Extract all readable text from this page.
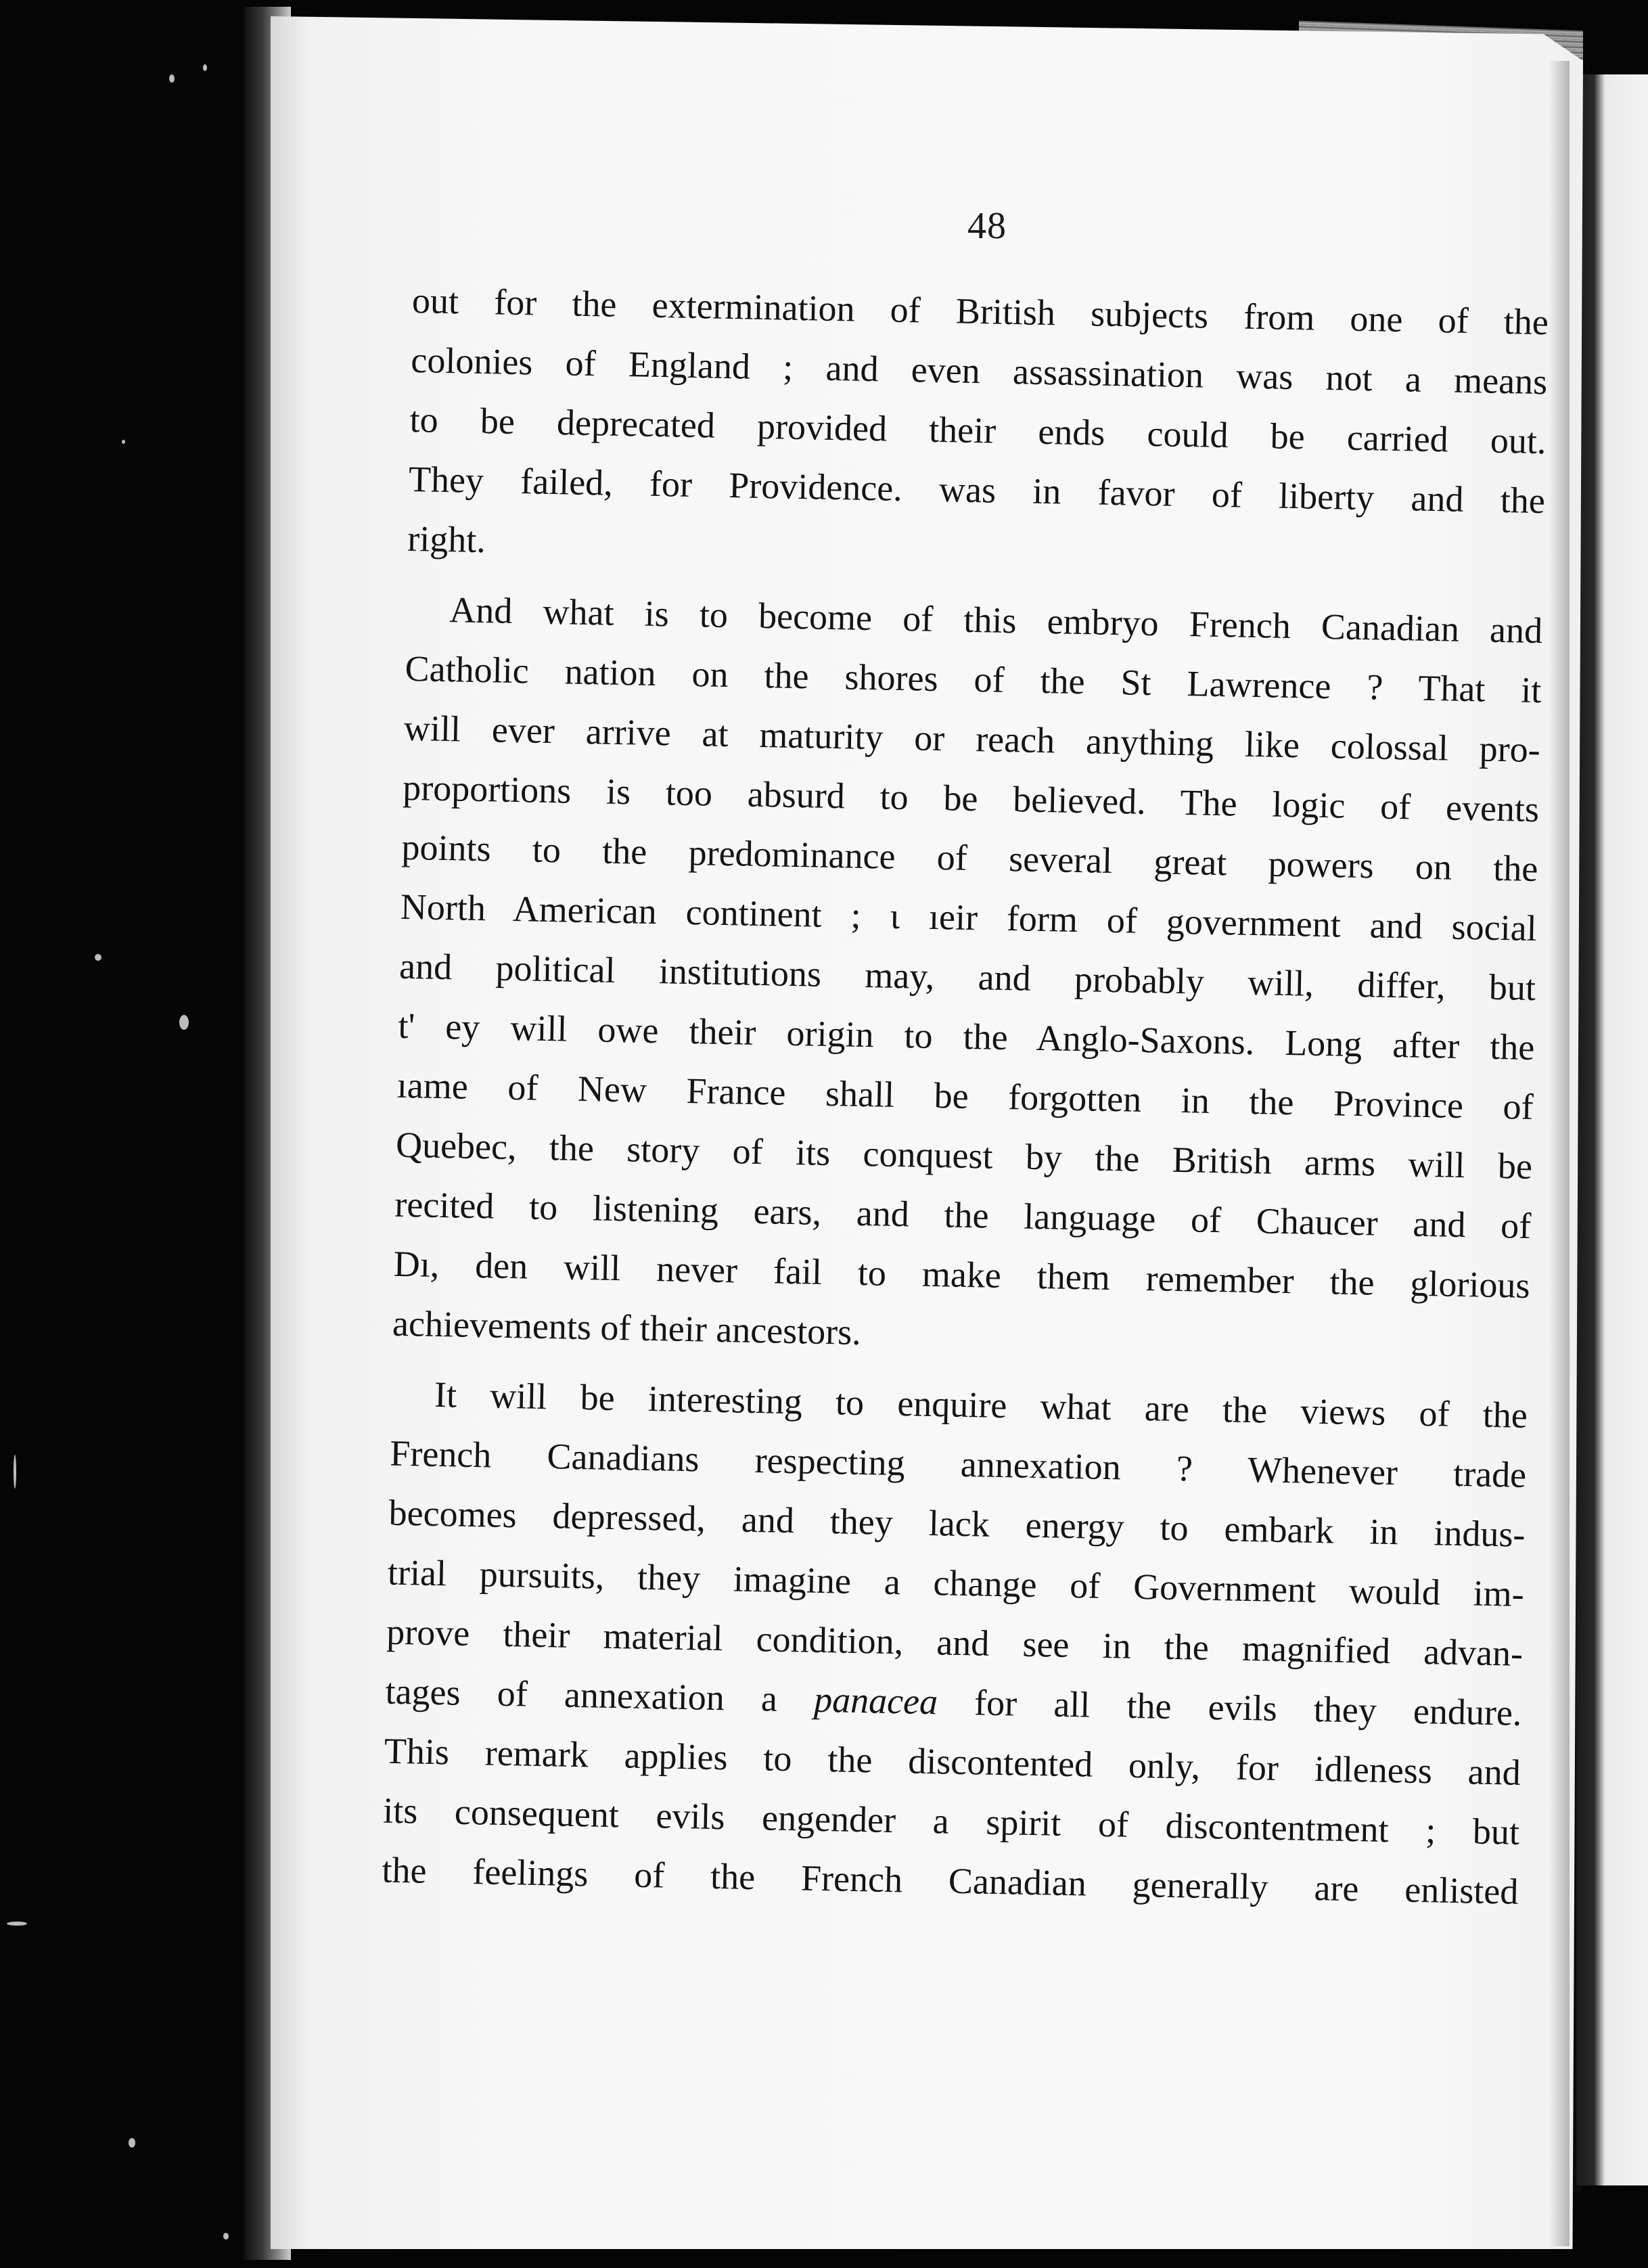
48
out for the extermination of British subjects from one of the
colonies of England ; and even assassination was not a means
to be deprecated provided their ends could be carried out.
They failed, for Providence. was in favor of liberty and the
right.
And what is to become of this embryo French Canadian and
Catholic nation on the shores of the St Lawrence ? That it
will ever arrive at maturity or reach anything like colossal pro-
proportions is too absurd to be believed. The logic of events
points to the predominance of several great powers on the
North American continent ; ι ıeir form of government and social
and political institutions may, and probably will, differ, but
t' ey will owe their origin to the Anglo-Saxons. Long after the
ıame of New France shall be forgotten in the Province of
Quebec, the story of its conquest by the British arms will be
recited to listening ears, and the language of Chaucer and of
Dı, den will never fail to make them remember the glorious
achievements of their ancestors.
It will be interesting to enquire what are the views of the
French Canadians respecting annexation ? Whenever trade
becomes depressed, and they lack energy to embark in indus-
trial pursuits, they imagine a change of Government would im-
prove their material condition, and see in the magnified advan-
tages of annexation a panacea for all the evils they endure.
This remark applies to the discontented only, for idleness and
its consequent evils engender a spirit of discontentment ; but
the feelings of the French Canadian generally are enlisted
